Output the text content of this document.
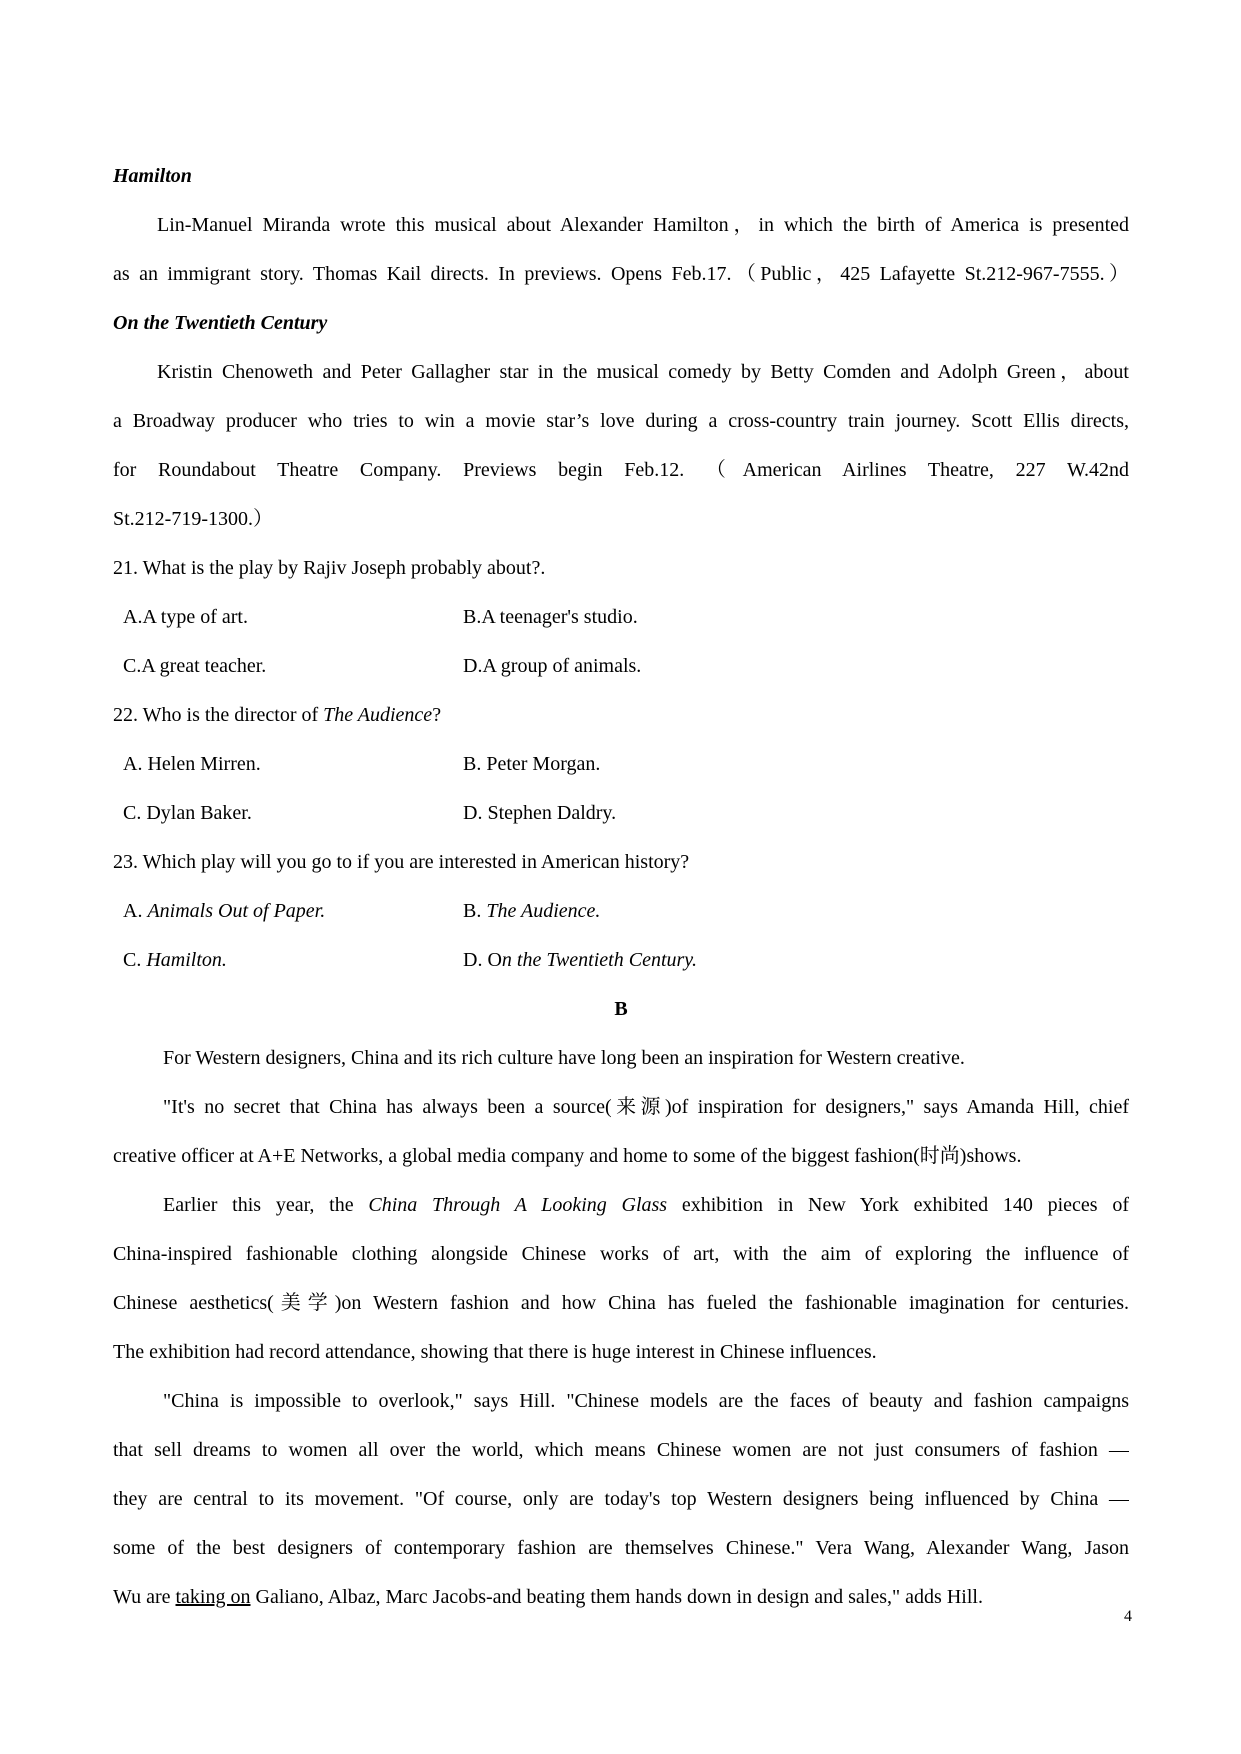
Hamilton
Lin-Manuel Miranda wrote this musical about Alexander Hamilton，in which the birth of America is presented
as an immigrant story. Thomas Kail directs. In previews. Opens Feb.17.（Public，425 Lafayette St.212-967-7555.）
On the Twentieth Century
Kristin Chenoweth and Peter Gallagher star in the musical comedy by Betty Comden and Adolph Green，about
a Broadway producer who tries to win a movie star’s love during a cross-country train journey. Scott Ellis directs,
for Roundabout Theatre Company. Previews begin Feb.12. （American Airlines Theatre, 227 W.42nd
St.212-719-1300.）
21. What is the play by Rajiv Joseph probably about?.
A.A type of art.	B.A teenager's studio.
C.A great teacher.	D.A group of animals.
22. Who is the director of The Audience?
A. Helen Mirren.	B. Peter Morgan.
C. Dylan Baker.	D. Stephen Daldry.
23. Which play will you go to if you are interested in American history?
A. Animals Out of Paper.	B. The Audience.
C. Hamilton.	D. On the Twentieth Century.
B
For Western designers, China and its rich culture have long been an inspiration for Western creative.
"It's no secret that China has always been a source(来源)of inspiration for designers," says Amanda Hill, chief
creative officer at A+E Networks, a global media company and home to some of the biggest fashion(时尚)shows.
Earlier this year, the China Through A Looking Glass exhibition in New York exhibited 140 pieces of
China-inspired fashionable clothing alongside Chinese works of art, with the aim of exploring the influence of
Chinese aesthetics(美学)on Western fashion and how China has fueled the fashionable imagination for centuries.
The exhibition had record attendance, showing that there is huge interest in Chinese influences.
"China is impossible to overlook," says Hill. "Chinese models are the faces of beauty and fashion campaigns
that sell dreams to women all over the world, which means Chinese women are not just consumers of fashion —
they are central to its movement. "Of course, only are today's top Western designers being influenced by China —
some of the best designers of contemporary fashion are themselves Chinese." Vera Wang, Alexander Wang, Jason
Wu are taking on Galiano, Albaz, Marc Jacobs-and beating them hands down in design and sales," adds Hill.
4
